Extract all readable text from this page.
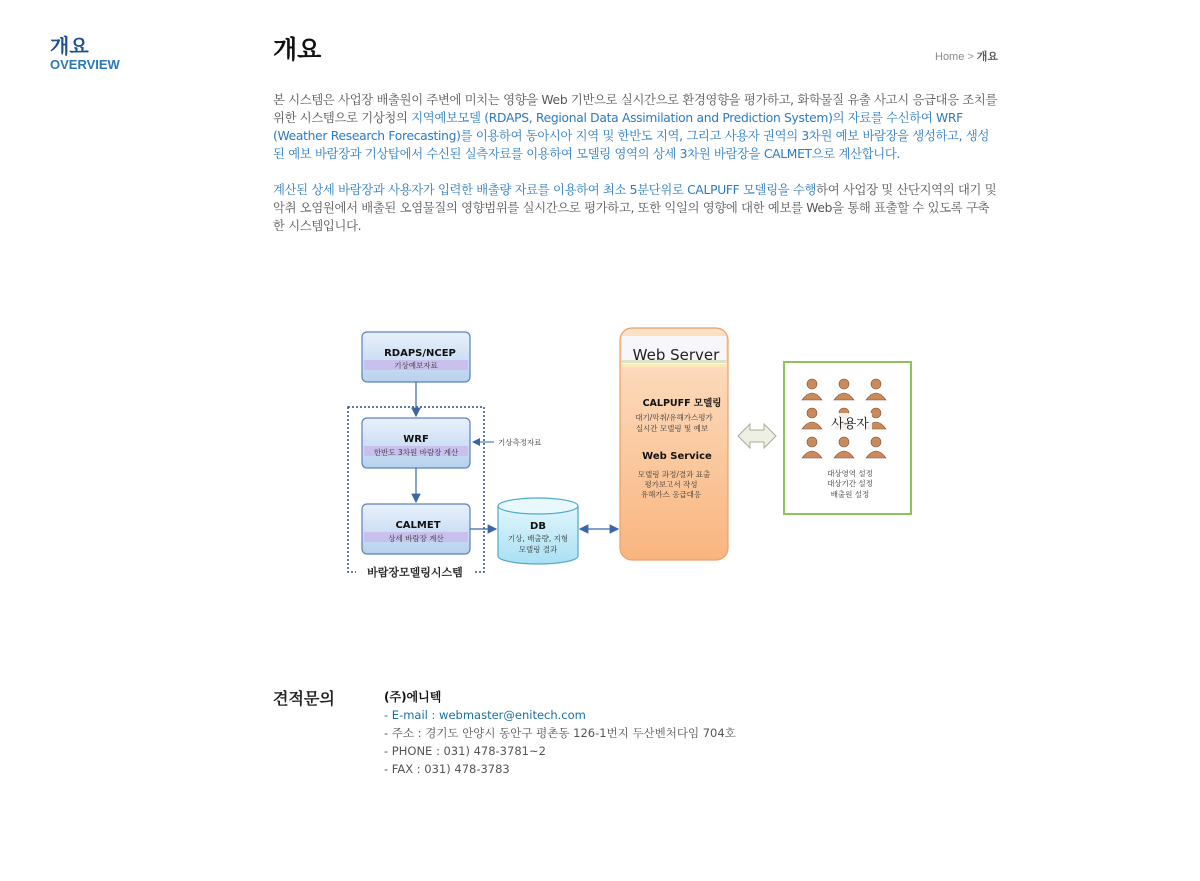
개요
OVERVIEW
개요	Home > 개요

본 시스템은 사업장 배출원이 주변에 미치는 영향을 Web 기반으로 실시간으로 환경영향을 평가하고, 화학물질 유출 사고시 응급대응 조치를 위한 시스템으로 기상청의 지역예보모델 (RDAPS, Regional Data Assimilation and Prediction System)의 자료를 수신하여 WRF (Weather Research Forecasting)를 이용하여 동아시아 지역 및 한반도 지역, 그리고 사용자 권역의 3차원 예보 바람장을 생성하고, 생성된 예보 바람장과 기상탑에서 수신된 실측자료를 이용하여 모델링 영역의 상세 3차원 바람장을 CALMET으로 계산합니다.

계산된 상세 바람장과 사용자가 입력한 배출량 자료를 이용하여 최소 5분단위로 CALPUFF 모델링을 수행하여 사업장 및 산단지역의 대기 및 악취 오염원에서 배출된 오염물질의 영향범위를 실시간으로 평가하고, 또한 익일의 영향에 대한 예보를 Web을 통해 표출할 수 있도록 구축한 시스템입니다.

바람장모델링시스템
RDAPS/NCEP
기상예보자료
WRF
한반도 3차원 바람장 계산
CALMET
상세 바람장 계산
기상측정자료
DB
기상, 배출량, 지형
모델링 결과
Web Server
CALPUFF 모델링
대기/악취/유해가스평가
실시간 모델링 및 예보
Web Service
모델링 과정/결과 표출
평가보고서 작성
유해가스 응급대응
사용자
대상영역 설정
대상기간 설정
배출원 설정
견적문의	(주)에니텍
- E-mail : webmaster@enitech.com
- 주소 : 경기도 안양시 동안구 평촌동 126-1번지 두산벤처다임 704호
- PHONE : 031) 478-3781~2
- FAX : 031) 478-3783
